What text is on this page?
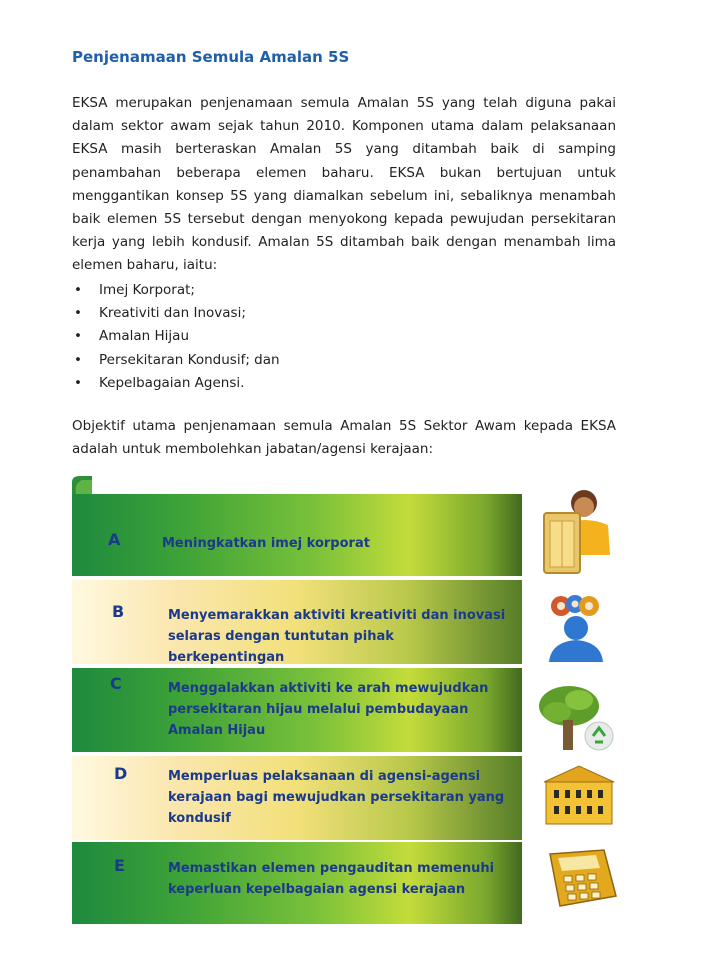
Penjenamaan Semula Amalan 5S

EKSA merupakan penjenamaan semula Amalan 5S yang telah diguna pakai dalam sektor awam sejak tahun 2010. Komponen utama dalam pelaksanaan EKSA masih berteraskan Amalan 5S yang ditambah baik di samping penambahan beberapa elemen baharu. EKSA bukan bertujuan untuk menggantikan konsep 5S yang diamalkan sebelum ini, sebaliknya menambah baik elemen 5S tersebut dengan menyokong kepada pewujudan persekitaran kerja yang lebih kondusif. Amalan 5S ditambah baik dengan menambah lima elemen baharu, iaitu:

• Imej Korporat;
• Kreativiti dan Inovasi;
• Amalan Hijau
• Persekitaran Kondusif; dan
• Kepelbagaian Agensi.

Objektif utama penjenamaan semula Amalan 5S Sektor Awam kepada EKSA adalah untuk membolehkan jabatan/agensi kerajaan:

A	Meningkatkan imej korporat
B	Menyemarakkan aktiviti kreativiti dan inovasi selaras dengan tuntutan pihak berkepentingan
C	Menggalakkan aktiviti ke arah mewujudkan persekitaran hijau melalui pembudayaan Amalan Hijau
D	Memperluas pelaksanaan di agensi-agensi kerajaan bagi mewujudkan persekitaran yang kondusif
E	Memastikan elemen pengauditan memenuhi keperluan kepelbagaian agensi kerajaan
